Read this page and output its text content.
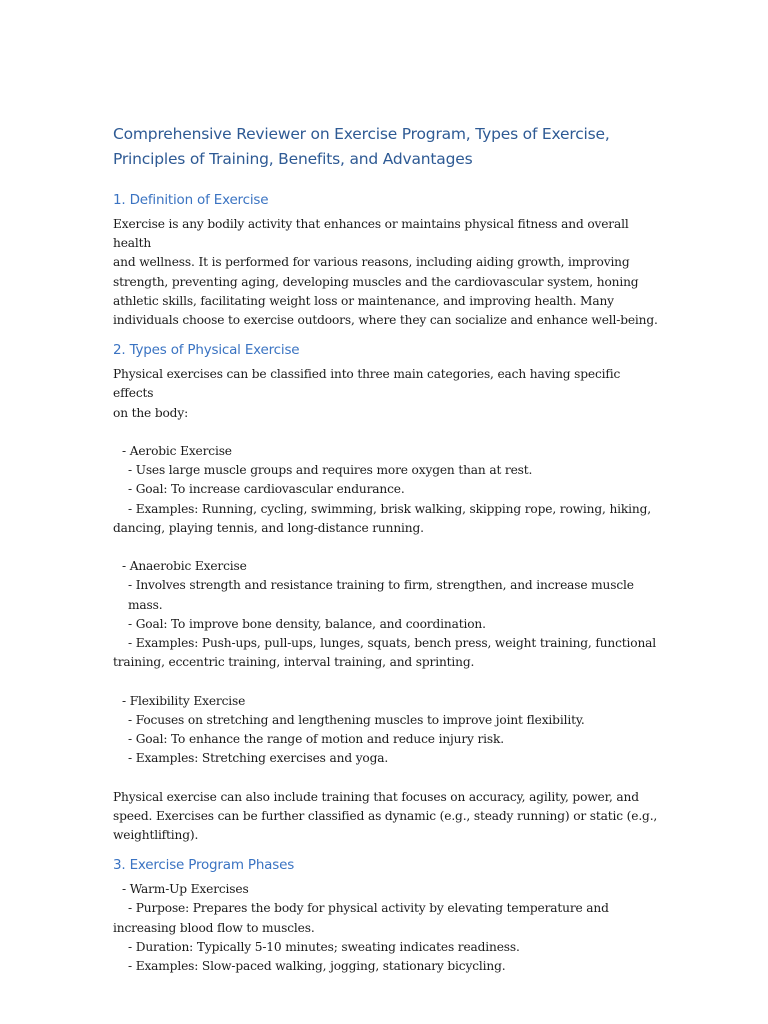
Comprehensive Reviewer on Exercise Program, Types of Exercise,
Principles of Training, Benefits, and Advantages
1. Definition of Exercise

Exercise is any bodily activity that enhances or maintains physical fitness and overall health

and wellness. It is performed for various reasons, including aiding growth, improving

strength, preventing aging, developing muscles and the cardiovascular system, honing

athletic skills, facilitating weight loss or maintenance, and improving health. Many

individuals choose to exercise outdoors, where they can socialize and enhance well-being.

2. Types of Physical Exercise

Physical exercises can be classified into three main categories, each having specific effects

on the body:

- Aerobic Exercise

- Uses large muscle groups and requires more oxygen than at rest.

- Goal: To increase cardiovascular endurance.

- Examples: Running, cycling, swimming, brisk walking, skipping rope, rowing, hiking,

dancing, playing tennis, and long-distance running.

- Anaerobic Exercise

- Involves strength and resistance training to firm, strengthen, and increase muscle mass.

- Goal: To improve bone density, balance, and coordination.

- Examples: Push-ups, pull-ups, lunges, squats, bench press, weight training, functional

training, eccentric training, interval training, and sprinting.

- Flexibility Exercise

- Focuses on stretching and lengthening muscles to improve joint flexibility.

- Goal: To enhance the range of motion and reduce injury risk.

- Examples: Stretching exercises and yoga.

Physical exercise can also include training that focuses on accuracy, agility, power, and

speed. Exercises can be further classified as dynamic (e.g., steady running) or static (e.g.,

weightlifting).

3. Exercise Program Phases

- Warm-Up Exercises

- Purpose: Prepares the body for physical activity by elevating temperature and

increasing blood flow to muscles.

- Duration: Typically 5-10 minutes; sweating indicates readiness.

- Examples: Slow-paced walking, jogging, stationary bicycling.
